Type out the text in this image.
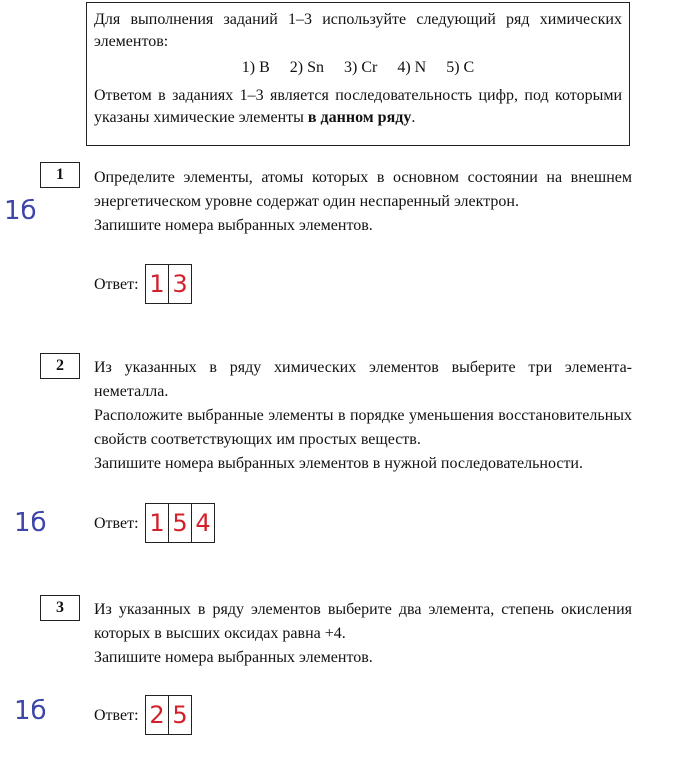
Для выполнения заданий 1–3 используйте следующий ряд химических элементов:
1) B 2) Sn 3) Cr 4) N 5) C
Ответом в заданиях 1–3 является последовательность цифр, под которыми указаны химические элементы в данном ряду.
1
1б

Определите элементы, атомы которых в основном состоянии на внешнем энергетическом уровне содержат один неспаренный электрон.

Запишите номера выбранных элементов.

Ответ: 1 3
2
1б

Из указанных в ряду химических элементов выберите три элемента-неметалла.

Расположите выбранные элементы в порядке уменьшения восстановительных свойств соответствующих им простых веществ.

Запишите номера выбранных элементов в нужной последовательности.

Ответ: 1 5 4
3
1б

Из указанных в ряду элементов выберите два элемента, степень окисления которых в высших оксидах равна +4.

Запишите номера выбранных элементов.

Ответ: 2 5
